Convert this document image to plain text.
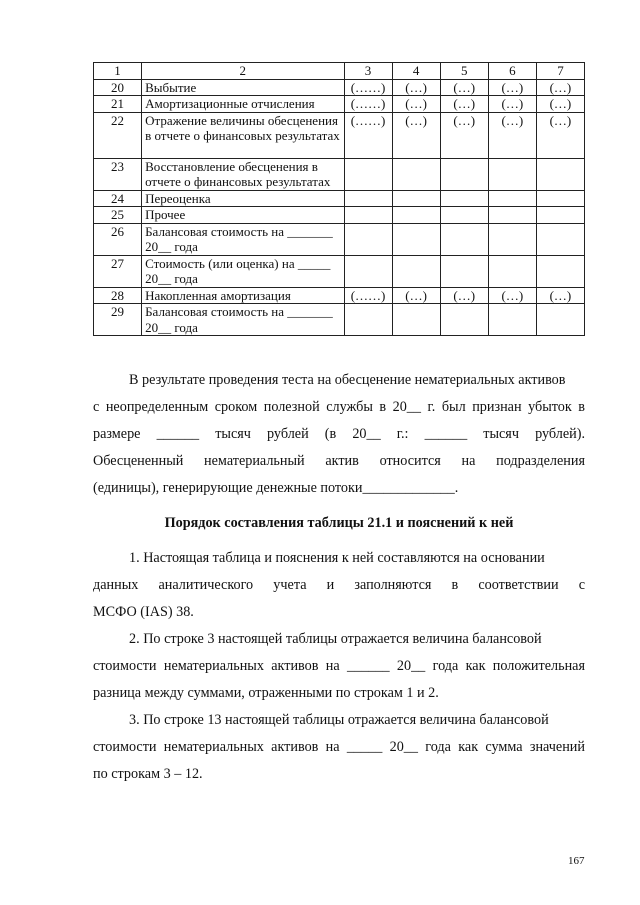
1	2	3	4	5	6	7
20	Выбытие	(……)	(…)	(…)	(…)	(…)
21	Амортизационные отчисления	(……)	(…)	(…)	(…)	(…)
22	Отражение величины обесценения в отчете о финансовых результатах	(……)	(…)	(…)	(…)	(…)
23	Восстановление обесценения в отчете о финансовых результатах					
24	Переоценка					
25	Прочее					
26	Балансовая стоимость на _______ 20__ года					
27	Стоимость (или оценка) на _____ 20__ года					
28	Накопленная амортизация	(……)	(…)	(…)	(…)	(…)
29	Балансовая стоимость на _______ 20__ года					
В результате проведения теста на обесценение нематериальных активов
с неопределенным сроком полезной службы в 20__ г. был признан убыток в
размере ______ тысяч рублей (в 20__ г.: ______ тысяч рублей).
Обесцененный нематериальный актив относится на подразделения
(единицы), генерирующие денежные потоки_____________.
Порядок составления таблицы 21.1 и пояснений к ней
1. Настоящая таблица и пояснения к ней составляются на основании
данных аналитического учета и заполняются в соответствии с
МСФО (IAS) 38.
2. По строке 3 настоящей таблицы отражается величина балансовой
стоимости нематериальных активов на ______ 20__ года как положительная
разница между суммами, отраженными по строкам 1 и 2.
3. По строке 13 настоящей таблицы отражается величина балансовой
стоимости нематериальных активов на _____ 20__ года как сумма значений
по строкам 3 – 12.
167
